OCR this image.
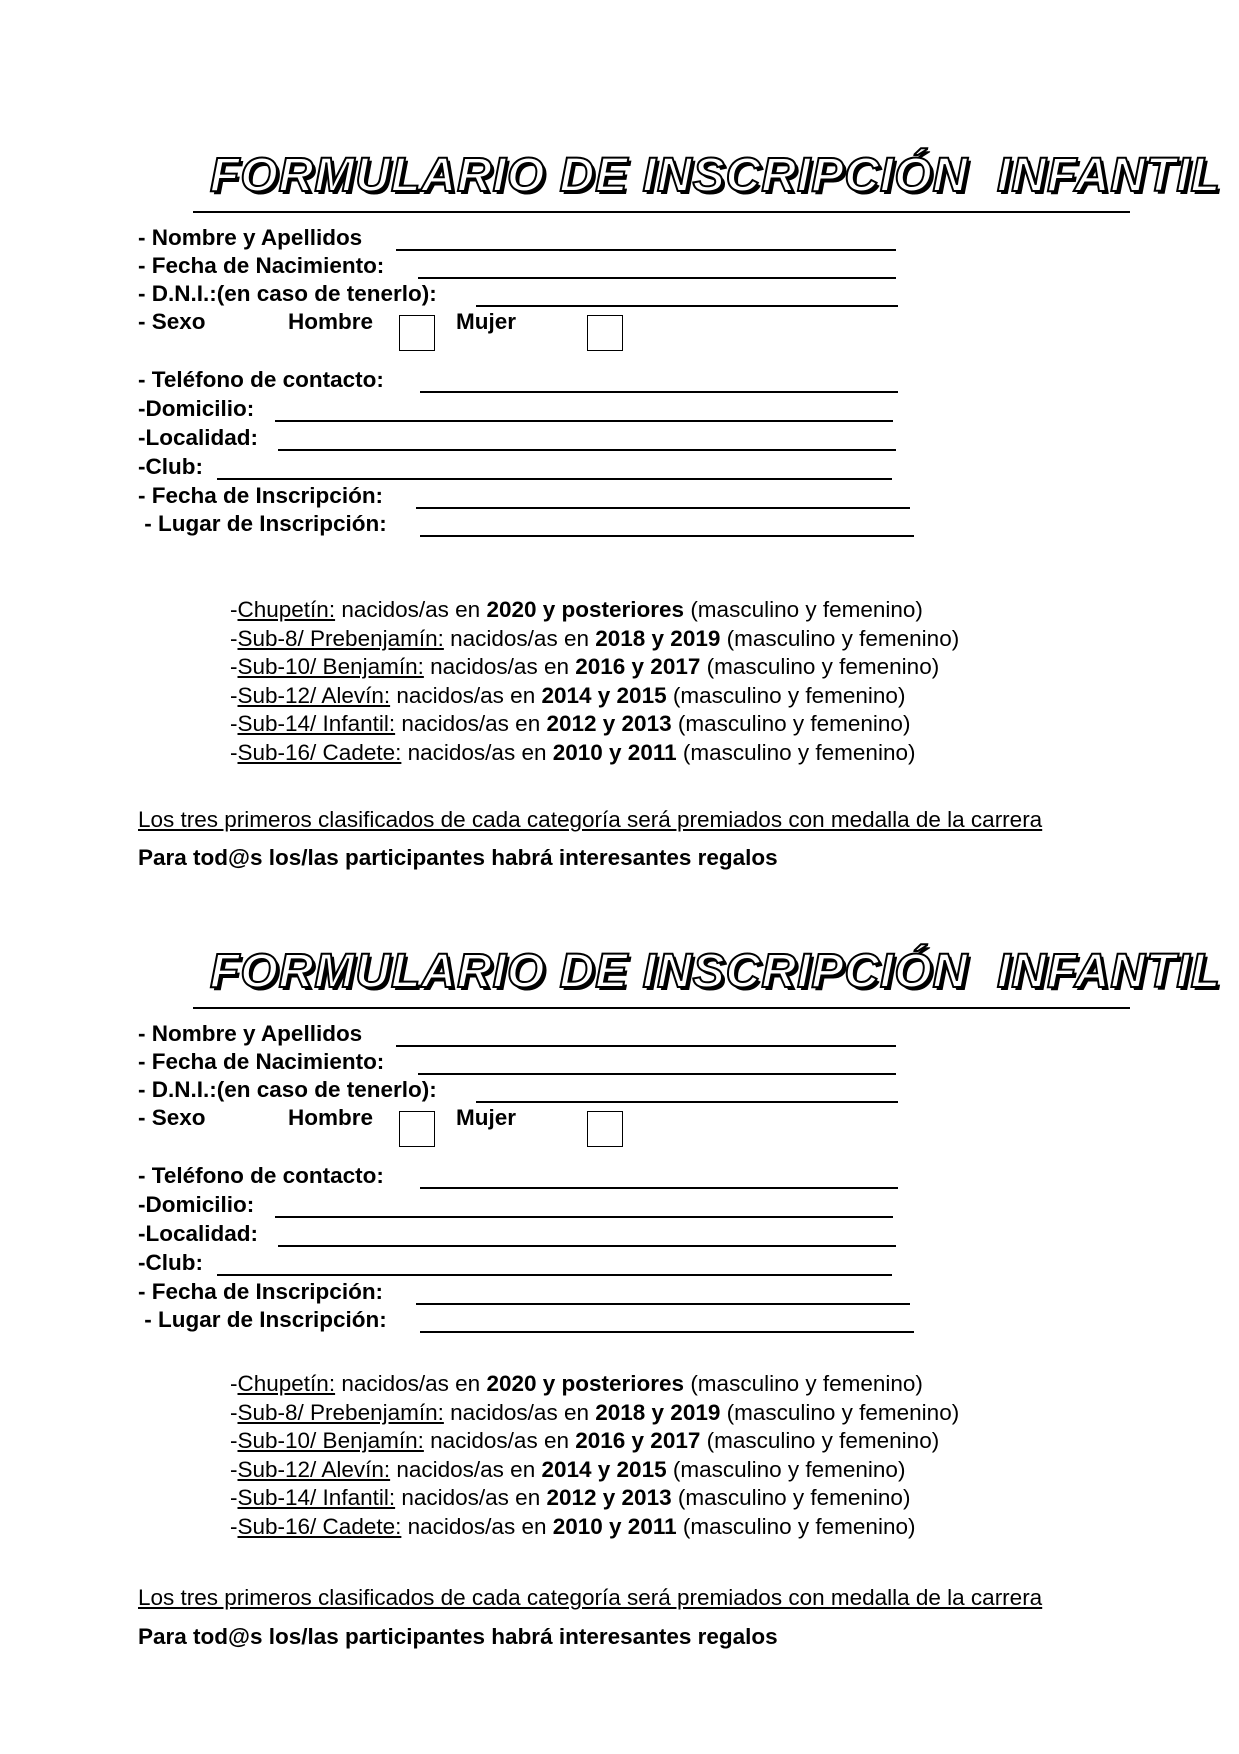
FORMULARIO DE INSCRIPCIÓN  INFANTIL
- Nombre y Apellidos
- Fecha de Nacimiento:
- D.N.I.:(en caso de tenerlo):
- Sexo	Hombre	Mujer
- Teléfono de contacto:
-Domicilio:
-Localidad:
-Club:
- Fecha de Inscripción:
- Lugar de Inscripción:
-Chupetín: nacidos/as en 2020 y posteriores (masculino y femenino)
-Sub-8/ Prebenjamín: nacidos/as en 2018 y 2019 (masculino y femenino)
-Sub-10/ Benjamín: nacidos/as en 2016 y 2017 (masculino y femenino)
-Sub-12/ Alevín: nacidos/as en 2014 y 2015 (masculino y femenino)
-Sub-14/ Infantil: nacidos/as en 2012 y 2013 (masculino y femenino)
-Sub-16/ Cadete: nacidos/as en 2010 y 2011 (masculino y femenino)
Los tres primeros clasificados de cada categoría será premiados con medalla de la carrera
Para tod@s los/las participantes habrá interesantes regalos
FORMULARIO DE INSCRIPCIÓN  INFANTIL
- Nombre y Apellidos
- Fecha de Nacimiento:
- D.N.I.:(en caso de tenerlo):
- Sexo	Hombre	Mujer
- Teléfono de contacto:
-Domicilio:
-Localidad:
-Club:
- Fecha de Inscripción:
- Lugar de Inscripción:
-Chupetín: nacidos/as en 2020 y posteriores (masculino y femenino)
-Sub-8/ Prebenjamín: nacidos/as en 2018 y 2019 (masculino y femenino)
-Sub-10/ Benjamín: nacidos/as en 2016 y 2017 (masculino y femenino)
-Sub-12/ Alevín: nacidos/as en 2014 y 2015 (masculino y femenino)
-Sub-14/ Infantil: nacidos/as en 2012 y 2013 (masculino y femenino)
-Sub-16/ Cadete: nacidos/as en 2010 y 2011 (masculino y femenino)
Los tres primeros clasificados de cada categoría será premiados con medalla de la carrera
Para tod@s los/las participantes habrá interesantes regalos
